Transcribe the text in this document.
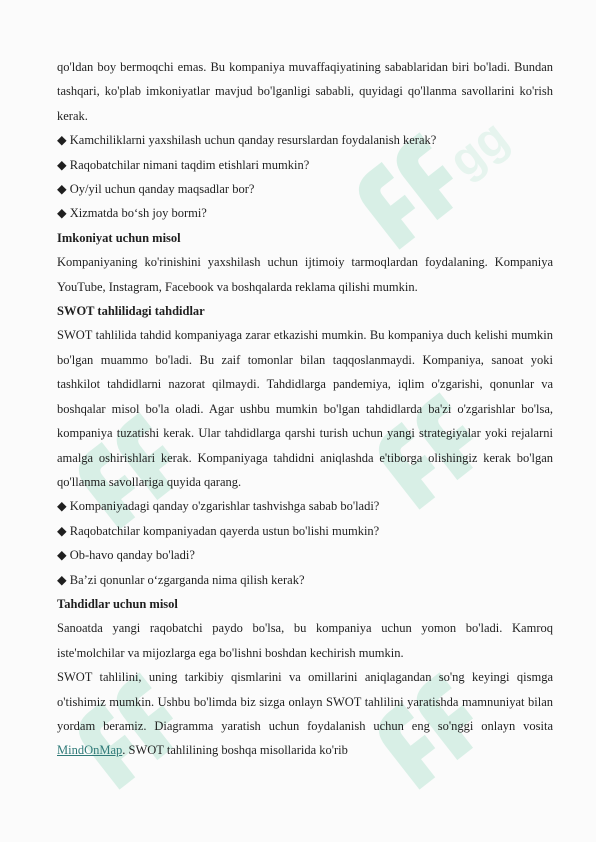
gg

qo'ldan boy bermoqchi emas. Bu kompaniya muvaffaqiyatining sabablaridan biri bo'ladi. Bundan tashqari, ko'plab imkoniyatlar mavjud bo'lganligi sababli, quyidagi qo'llanma savollarini ko'rish kerak.

◆ Kamchiliklarni yaxshilash uchun qanday resurslardan foydalanish kerak?

◆ Raqobatchilar nimani taqdim etishlari mumkin?

◆ Oy/yil uchun qanday maqsadlar bor?

◆ Xizmatda bo‘sh joy bormi?

Imkoniyat uchun misol

Kompaniyaning ko'rinishini yaxshilash uchun ijtimoiy tarmoqlardan foydalaning. Kompaniya YouTube, Instagram, Facebook va boshqalarda reklama qilishi mumkin.

SWOT tahlilidagi tahdidlar

SWOT tahlilida tahdid kompaniyaga zarar etkazishi mumkin. Bu kompaniya duch kelishi mumkin bo'lgan muammo bo'ladi. Bu zaif tomonlar bilan taqqoslanmaydi. Kompaniya, sanoat yoki tashkilot tahdidlarni nazorat qilmaydi. Tahdidlarga pandemiya, iqlim o'zgarishi, qonunlar va boshqalar misol bo'la oladi. Agar ushbu mumkin bo'lgan tahdidlarda ba'zi o'zgarishlar bo'lsa, kompaniya tuzatishi kerak. Ular tahdidlarga qarshi turish uchun yangi strategiyalar yoki rejalarni amalga oshirishlari kerak. Kompaniyaga tahdidni aniqlashda e'tiborga olishingiz kerak bo'lgan qo'llanma savollariga quyida qarang.

◆ Kompaniyadagi qanday o'zgarishlar tashvishga sabab bo'ladi?

◆ Raqobatchilar kompaniyadan qayerda ustun bo'lishi mumkin?

◆ Ob-havo qanday bo'ladi?

◆ Ba’zi qonunlar o‘zgarganda nima qilish kerak?

Tahdidlar uchun misol

Sanoatda yangi raqobatchi paydo bo'lsa, bu kompaniya uchun yomon bo'ladi. Kamroq iste'molchilar va mijozlarga ega bo'lishni boshdan kechirish mumkin.

SWOT tahlilini, uning tarkibiy qismlarini va omillarini aniqlagandan so'ng keyingi qismga o'tishimiz mumkin. Ushbu bo'limda biz sizga onlayn SWOT tahlilini yaratishda mamnuniyat bilan yordam beramiz. Diagramma yaratish uchun foydalanish uchun eng so'nggi onlayn vosita MindOnMap. SWOT tahlilining boshqa misollarida ko'rib
